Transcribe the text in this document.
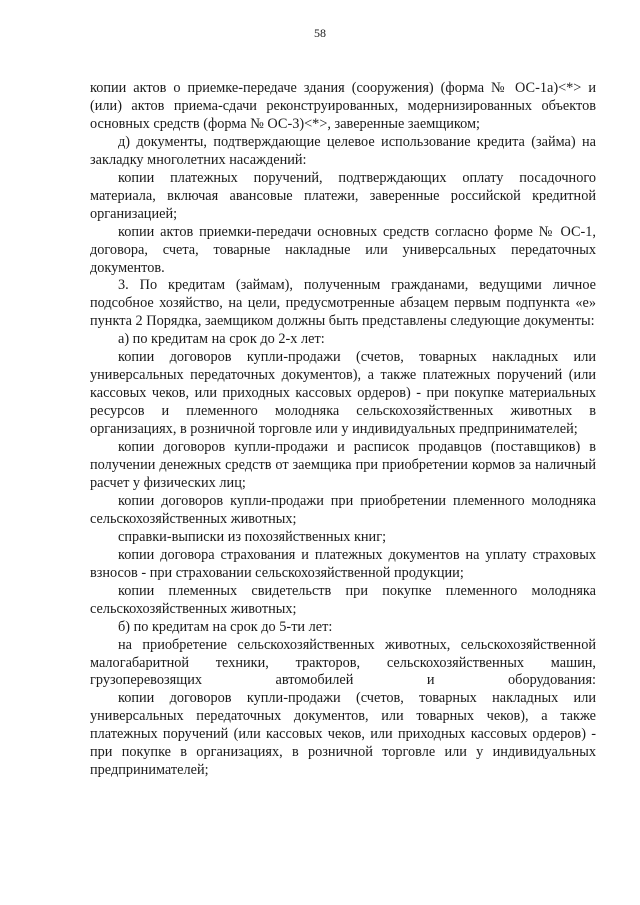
58

копии актов о приемке-передаче здания (сооружения) (форма № ОС-1а)<*> и (или) актов приема-сдачи реконструированных, модернизированных объектов основных средств (форма № ОС-3)<*>, заверенные заемщиком;

д) документы, подтверждающие целевое использование кредита (займа) на закладку многолетних насаждений:

копии платежных поручений, подтверждающих оплату посадочного материала, включая авансовые платежи, заверенные российской кредитной организацией;

копии актов приемки-передачи основных средств согласно форме № ОС-1, договора, счета, товарные накладные или универсальных передаточных документов.

3. По кредитам (займам), полученным гражданами, ведущими личное подсобное хозяйство, на цели, предусмотренные абзацем первым подпункта «е» пункта 2 Порядка, заемщиком должны быть представлены следующие документы:

а) по кредитам на срок до 2-х лет:

копии договоров купли-продажи (счетов, товарных накладных или универсальных передаточных документов), а также платежных поручений (или кассовых чеков, или приходных кассовых ордеров) - при покупке материальных ресурсов и племенного молодняка сельскохозяйственных животных в организациях, в розничной торговле или у индивидуальных предпринимателей;

копии договоров купли-продажи и расписок продавцов (поставщиков) в получении денежных средств от заемщика при приобретении кормов за наличный расчет у физических лиц;

копии договоров купли-продажи при приобретении племенного молодняка сельскохозяйственных животных;

справки-выписки из похозяйственных книг;

копии договора страхования и платежных документов на уплату страховых взносов - при страховании сельскохозяйственной продукции;

копии племенных свидетельств при покупке племенного молодняка сельскохозяйственных животных;

б) по кредитам на срок до 5-ти лет:

на приобретение сельскохозяйственных животных, сельскохозяйственной малогабаритной техники, тракторов, сельскохозяйственных машин, грузоперевозящих автомобилей и оборудования:

копии договоров купли-продажи (счетов, товарных накладных или универсальных передаточных документов, или товарных чеков), а также платежных поручений (или кассовых чеков, или приходных кассовых ордеров) - при покупке в организациях, в розничной торговле или у индивидуальных предпринимателей;
